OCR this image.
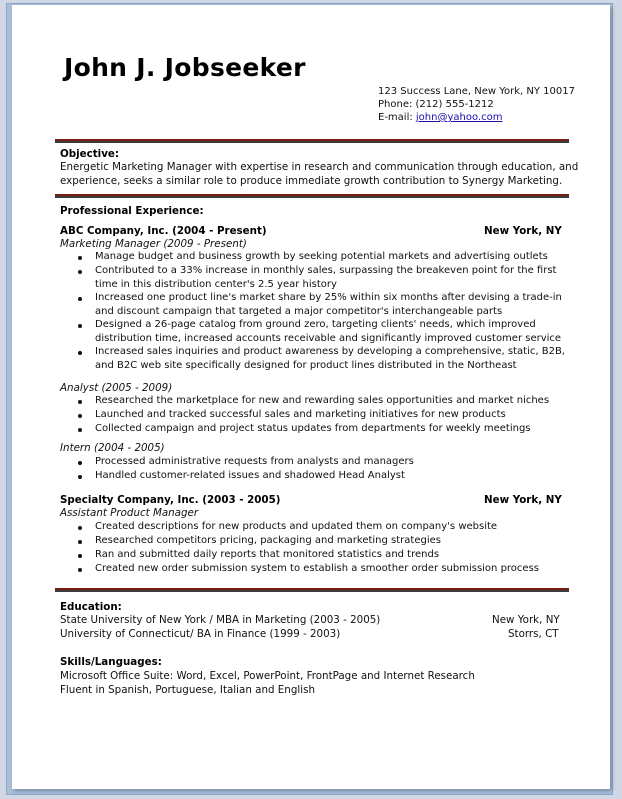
John J. Jobseeker
123 Success Lane, New York, NY 10017
Phone: (212) 555-1212
E-mail: john@yahoo.com
Objective:
Energetic Marketing Manager with expertise in research and communication through education, and
experience, seeks a similar role to produce immediate growth contribution to Synergy Marketing.
Professional Experience:
ABC Company, Inc. (2004 - Present)	New York, NY
Marketing Manager (2009 - Present)
Manage budget and business growth by seeking potential markets and advertising outlets
Contributed to a 33% increase in monthly sales, surpassing the breakeven point for the first
time in this distribution center's 2.5 year history
Increased one product line's market share by 25% within six months after devising a trade-in
and discount campaign that targeted a major competitor's interchangeable parts
Designed a 26-page catalog from ground zero, targeting clients' needs, which improved
distribution time, increased accounts receivable and significantly improved customer service
Increased sales inquiries and product awareness by developing a comprehensive, static, B2B,
and B2C web site specifically designed for product lines distributed in the Northeast
Analyst (2005 - 2009)
Researched the marketplace for new and rewarding sales opportunities and market niches
Launched and tracked successful sales and marketing initiatives for new products
Collected campaign and project status updates from departments for weekly meetings
Intern (2004 - 2005)
Processed administrative requests from analysts and managers
Handled customer-related issues and shadowed Head Analyst
Specialty Company, Inc. (2003 - 2005)	New York, NY
Assistant Product Manager
Created descriptions for new products and updated them on company's website
Researched competitors pricing, packaging and marketing strategies
Ran and submitted daily reports that monitored statistics and trends
Created new order submission system to establish a smoother order submission process
Education:
State University of New York / MBA in Marketing (2003 - 2005)	New York, NY
University of Connecticut/ BA in Finance (1999 - 2003)	Storrs, CT
Skills/Languages:
Microsoft Office Suite: Word, Excel, PowerPoint, FrontPage and Internet Research
Fluent in Spanish, Portuguese, Italian and English
